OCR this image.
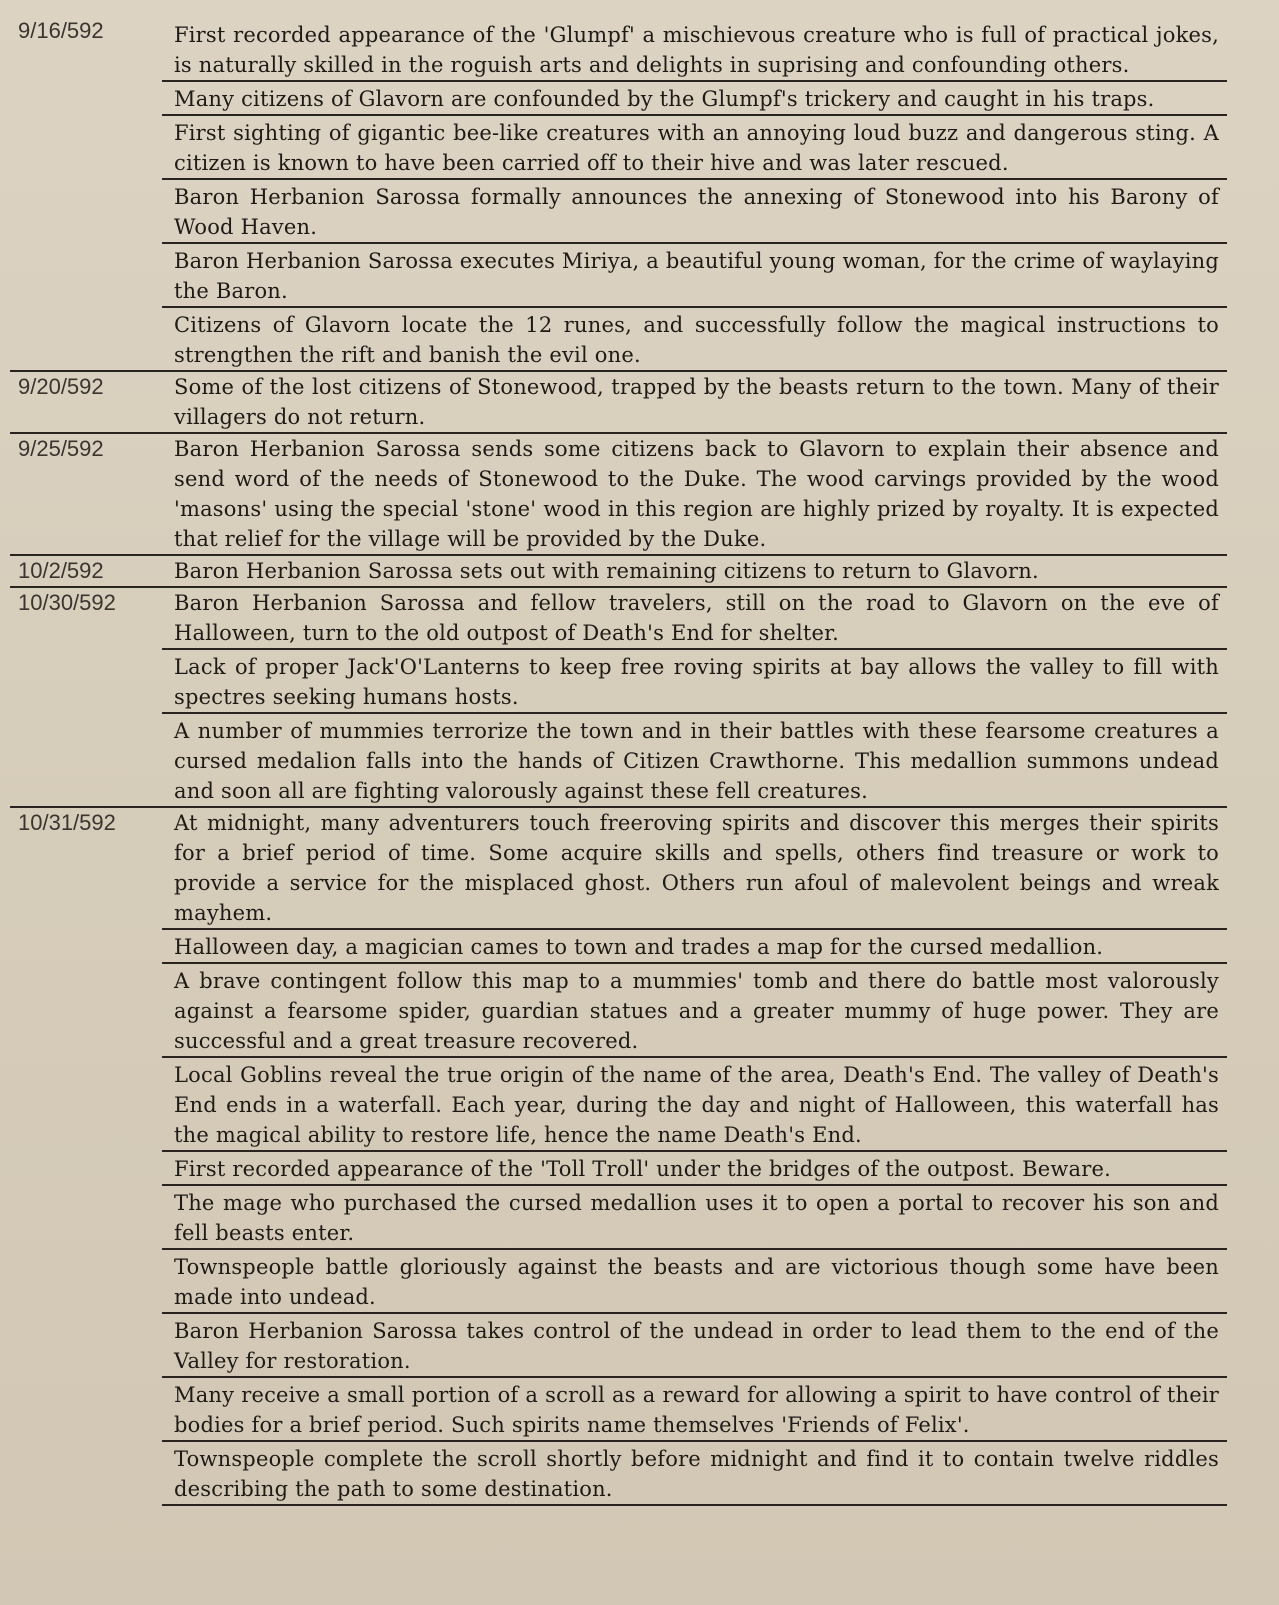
9/16/592	First recorded appearance of the 'Glumpf' a mischievous creature who is full of practical jokes, is naturally skilled in the roguish arts and delights in suprising and confounding others.
Many citizens of Glavorn are confounded by the Glumpf's trickery and caught in his traps.
First sighting of gigantic bee-like creatures with an annoying loud buzz and dangerous sting. A citizen is known to have been carried off to their hive and was later rescued.
Baron Herbanion Sarossa formally announces the annexing of Stonewood into his Barony of Wood Haven.
Baron Herbanion Sarossa executes Miriya, a beautiful young woman, for the crime of waylaying the Baron.
Citizens of Glavorn locate the 12 runes, and successfully follow the magical instructions to strengthen the rift and banish the evil one.
9/20/592	Some of the lost citizens of Stonewood, trapped by the beasts return to the town. Many of their villagers do not return.
9/25/592	Baron Herbanion Sarossa sends some citizens back to Glavorn to explain their absence and send word of the needs of Stonewood to the Duke. The wood carvings provided by the wood 'masons' using the special 'stone' wood in this region are highly prized by royalty. It is expected that relief for the village will be provided by the Duke.
10/2/592	Baron Herbanion Sarossa sets out with remaining citizens to return to Glavorn.
10/30/592	Baron Herbanion Sarossa and fellow travelers, still on the road to Glavorn on the eve of Halloween, turn to the old outpost of Death's End for shelter.
Lack of proper Jack'O'Lanterns to keep free roving spirits at bay allows the valley to fill with spectres seeking humans hosts.
A number of mummies terrorize the town and in their battles with these fearsome creatures a cursed medalion falls into the hands of Citizen Crawthorne. This medallion summons undead and soon all are fighting valorously against these fell creatures.
10/31/592	At midnight, many adventurers touch freeroving spirits and discover this merges their spirits for a brief period of time. Some acquire skills and spells, others find treasure or work to provide a service for the misplaced ghost. Others run afoul of malevolent beings and wreak mayhem.
Halloween day, a magician cames to town and trades a map for the cursed medallion.
A brave contingent follow this map to a mummies' tomb and there do battle most valorously against a fearsome spider, guardian statues and a greater mummy of huge power. They are successful and a great treasure recovered.
Local Goblins reveal the true origin of the name of the area, Death's End. The valley of Death's End ends in a waterfall. Each year, during the day and night of Halloween, this waterfall has the magical ability to restore life, hence the name Death's End.
First recorded appearance of the 'Toll Troll' under the bridges of the outpost. Beware.
The mage who purchased the cursed medallion uses it to open a portal to recover his son and fell beasts enter.
Townspeople battle gloriously against the beasts and are victorious though some have been made into undead.
Baron Herbanion Sarossa takes control of the undead in order to lead them to the end of the Valley for restoration.
Many receive a small portion of a scroll as a reward for allowing a spirit to have control of their bodies for a brief period. Such spirits name themselves 'Friends of Felix'.
Townspeople complete the scroll shortly before midnight and find it to contain twelve riddles describing the path to some destination.
